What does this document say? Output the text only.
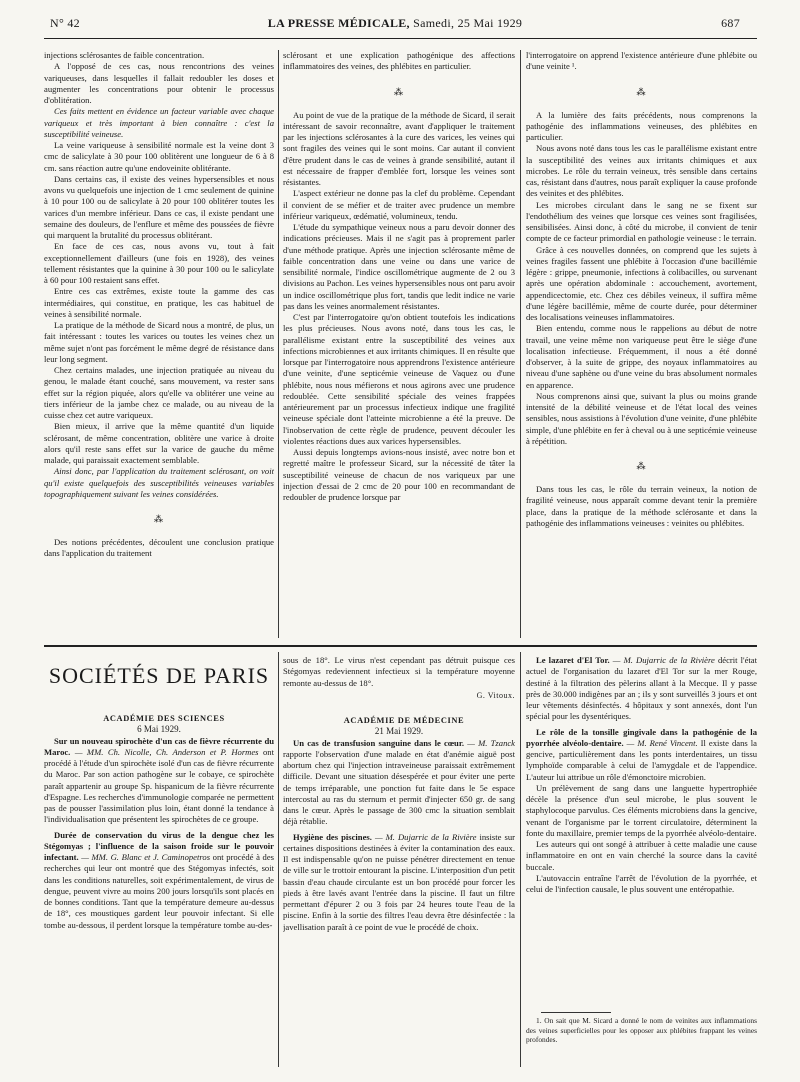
N° 42	LA PRESSE MÉDICALE, Samedi, 25 Mai 1929	687

injections sclérosantes de faible concentration.

A l'opposé de ces cas, nous rencontrions des veines variqueuses, dans lesquelles il fallait redoubler les doses et augmenter les concentrations pour obtenir le processus d'oblitération.

Ces faits mettent en évidence un facteur variable avec chaque variqueux et très important à bien connaître : c'est la susceptibilité veineuse.

La veine variqueuse à sensibilité normale est la veine dont 3 cmc de salicylate à 30 pour 100 oblitèrent une longueur de 6 à 8 cm. sans réaction autre qu'une endoveinite oblitérante.

Dans certains cas, il existe des veines hypersensibles et nous avons vu quelquefois une injection de 1 cmc seulement de quinine à 10 pour 100 ou de salicylate à 20 pour 100 oblitérer toutes les varices d'un membre inférieur. Dans ce cas, il existe pendant une semaine des douleurs, de l'enflure et même des poussées de fièvre qui marquent la brutalité du processus oblitérant.

En face de ces cas, nous avons vu, tout à fait exceptionnellement d'ailleurs (une fois en 1928), des veines tellement résistantes que la quinine à 30 pour 100 ou le salicylate à 60 pour 100 restaient sans effet.

Entre ces cas extrêmes, existe toute la gamme des cas intermédiaires, qui constitue, en pratique, les cas habituel de veines à sensibilité normale.

La pratique de la méthode de Sicard nous a montré, de plus, un fait intéressant : toutes les varices ou toutes les veines chez un même sujet n'ont pas forcément le même degré de résistance dans leur long segment.

Chez certains malades, une injection pratiquée au niveau du genou, le malade étant couché, sans mouvement, va rester sans effet sur la région piquée, alors qu'elle va oblitérer une veine au tiers inférieur de la jambe chez ce malade, ou au niveau de la cuisse chez cet autre variqueux.

Bien mieux, il arrive que la même quantité d'un liquide sclérosant, de même concentration, oblitère une varice à droite alors qu'il reste sans effet sur la varice de gauche du même malade, qui paraissait exactement semblable.

Ainsi donc, par l'application du traitement sclérosant, on voit qu'il existe quelquefois des susceptibilités veineuses variables topographiquement suivant les veines considérées.

⁂

Des notions précédentes, découlent une conclusion pratique dans l'application du traitement

sclérosant et une explication pathogénique des affections inflammatoires des veines, des phlébites en particulier.

⁂

Au point de vue de la pratique de la méthode de Sicard, il serait intéressant de savoir reconnaître, avant d'appliquer le traitement par les injections sclérosantes à la cure des varices, les veines qui sont fragiles des veines qui le sont moins. Car autant il convient d'être prudent dans le cas de veines à grande sensibilité, autant il est nécessaire de frapper d'emblée fort, lorsque les veines sont résistantes.

L'aspect extérieur ne donne pas la clef du problème. Cependant il convient de se méfier et de traiter avec prudence un membre inférieur variqueux, œdématié, volumineux, tendu.

L'étude du sympathique veineux nous a paru devoir donner des indications précieuses. Mais il ne s'agit pas à proprement parler d'une méthode pratique. Après une injection sclérosante même de faible concentration dans une veine ou dans une varice de sensibilité normale, l'indice oscillométrique augmente de 2 ou 3 divisions au Pachon. Les veines hypersensibles nous ont paru avoir un indice oscillométrique plus fort, tandis que ledit indice ne varie pas dans les veines anormalement résistantes.

C'est par l'interrogatoire qu'on obtient toutefois les indications les plus précieuses. Nous avons noté, dans tous les cas, le parallélisme existant entre la susceptibilité des veines aux infections microbiennes et aux irritants chimiques. Il en résulte que lorsque par l'interrogatoire nous apprendrons l'existence antérieure d'une veinite, d'une septicémie veineuse de Vaquez ou d'une phlébite, nous nous méfierons et nous agirons avec une prudence redoublée. Cette sensibilité spéciale des veines frappées antérieurement par un processus infectieux indique une fragilité veineuse spéciale dont l'atteinte microbienne a été la preuve. De l'inobservation de cette règle de prudence, peuvent découler les violentes réactions dues aux varices hypersensibles.

Aussi depuis longtemps avions-nous insisté, avec notre bon et regretté maître le professeur Sicard, sur la nécessité de tâter la susceptibilité veineuse de chacun de nos variqueux par une injection d'essai de 2 cmc de 20 pour 100 en recommandant de redoubler de prudence lorsque par

l'interrogatoire on apprend l'existence antérieure d'une phlébite ou d'une veinite ¹.

⁂

A la lumière des faits précédents, nous comprenons la pathogénie des inflammations veineuses, des phlébites en particulier.

Nous avons noté dans tous les cas le parallélisme existant entre la susceptibilité des veines aux irritants chimiques et aux microbes. Le rôle du terrain veineux, très sensible dans certains cas, résistant dans d'autres, nous paraît expliquer la cause profonde des veinites et des phlébites.

Les microbes circulant dans le sang ne se fixent sur l'endothélium des veines que lorsque ces veines sont fragilisées, sensibilisées. Ainsi donc, à côté du microbe, il convient de tenir compte de ce facteur primordial en pathologie veineuse : le terrain.

Grâce à ces nouvelles données, on comprend que les sujets à veines fragiles fassent une phlébite à l'occasion d'une bacillémie légère : grippe, pneumonie, infections à colibacilles, ou survenant après une opération abdominale : accouchement, avortement, appendicectomie, etc. Chez ces débiles veineux, il suffira même d'une légère bacillémie, même de courte durée, pour déterminer des localisations veineuses inflammatoires.

Bien entendu, comme nous le rappelions au début de notre travail, une veine même non variqueuse peut être le siège d'une localisation infectieuse. Fréquemment, il nous a été donné d'observer, à la suite de grippe, des noyaux inflammatoires au niveau d'une saphène ou d'une veine du bras absolument normales en apparence.

Nous comprenons ainsi que, suivant la plus ou moins grande intensité de la débilité veineuse et de l'état local des veines sensibles, nous assistions à l'évolution d'une veinite, d'une phlébite simple, d'une phlébite en fer à cheval ou à une septicémie veineuse à répétition.

⁂

Dans tous les cas, le rôle du terrain veineux, la notion de fragilité veineuse, nous apparaît comme devant tenir la première place, dans la pratique de la méthode sclérosante et dans la pathogénie des inflammations veineuses : veinites ou phlébites.

SOCIÉTÉS DE PARIS

ACADÉMIE DES SCIENCES

6 Mai 1929.

Sur un nouveau spirochète d'un cas de fièvre récurrente du Maroc. — MM. Ch. Nicolle, Ch. Anderson et P. Hormes ont procédé à l'étude d'un spirochète isolé d'un cas de fièvre récurrente du Maroc. Par son action pathogène sur le cobaye, ce spirochète paraît appartenir au groupe Sp. hispanicum de la fièvre récurrente d'Espagne. Les recherches d'immunologie comparée ne permettent pas de pousser l'assimilation plus loin, étant donné la tendance à l'individualisation que présentent les spirochètes de ce groupe.

Durée de conservation du virus de la dengue chez les Stégomyas ; l'influence de la saison froide sur le pouvoir infectant. — MM. G. Blanc et J. Caminopetros ont procédé à des recherches qui leur ont montré que des Stégomyas infectés, soit dans les conditions naturelles, soit expérimentalement, de virus de dengue, peuvent vivre au moins 200 jours lorsqu'ils sont placés en de bonnes conditions. Tant que la température demeure au-dessus de 18°, ces moustiques gardent leur pouvoir infectant. Si elle tombe au-dessous, il perdent lorsque la température tombe au-des-

sous de 18°. Le virus n'est cependant pas détruit puisque ces Stégomyas redeviennent infectieux si la température moyenne remonte au-dessus de 18°.

G. Vitoux.

ACADÉMIE DE MÉDECINE

21 Mai 1929.

Un cas de transfusion sanguine dans le cœur. — M. Tzanck rapporte l'observation d'une malade en état d'anémie aiguë post abortum chez qui l'injection intraveineuse paraissait extrêmement difficile. Devant une situation désespérée et pour éviter une perte de temps irréparable, une ponction fut faite dans le 5e espace intercostal au ras du sternum et permit d'injecter 650 gr. de sang dans le cœur. Après le passage de 300 cmc la situation semblait déjà rétablie.

Hygiène des piscines. — M. Dujarric de la Rivière insiste sur certaines dispositions destinées à éviter la contamination des eaux. Il est indispensable qu'on ne puisse pénétrer directement en tenue de ville sur le trottoir entourant la piscine. L'interposition d'un petit bassin d'eau chaude circulante est un bon procédé pour forcer les pieds à être lavés avant l'entrée dans la piscine. Il faut un filtre permettant d'épurer 2 ou 3 fois par 24 heures toute l'eau de la piscine. Enfin à la sortie des filtres l'eau devra être désinfectée : la javellisation paraît à ce point de vue le procédé de choix.

Le lazaret d'El Tor. — M. Dujarric de la Rivière décrit l'état actuel de l'organisation du lazaret d'El Tor sur la mer Rouge, destiné à la filtration des pèlerins allant à la Mecque. Il y passe près de 30.000 indigènes par an ; ils y sont surveillés 3 jours et ont leur vêtements désinfectés. 4 hôpitaux y sont annexés, dont l'un spécial pour les dysentériques.

Le rôle de la tonsille gingivale dans la pathogénie de la pyorrhée alvéolo-dentaire. — M. René Vincent. Il existe dans la gencive, particulièrement dans les ponts interdentaires, un tissu lymphoïde comparable à celui de l'amygdale et de l'appendice. L'auteur lui attribue un rôle d'émonctoire microbien.

Un prélèvement de sang dans une languette hypertrophiée décèle la présence d'un seul microbe, le plus souvent le staphylocoque parvulus. Ces éléments microbiens dans la gencive, venant de l'organisme par le torrent circulatoire, déterminent la fonte du maxillaire, premier temps de la pyorrhée alvéolo-dentaire.

Les auteurs qui ont songé à attribuer à cette maladie une cause inflammatoire en ont en vain cherché la source dans la cavité buccale.

L'autovaccin entraîne l'arrêt de l'évolution de la pyorrhée, et celui de l'infection causale, le plus souvent une entéropathie.

1. On sait que M. Sicard a donné le nom de veinites aux inflammations des veines superficielles pour les opposer aux phlébites frappant les veines profondes.
